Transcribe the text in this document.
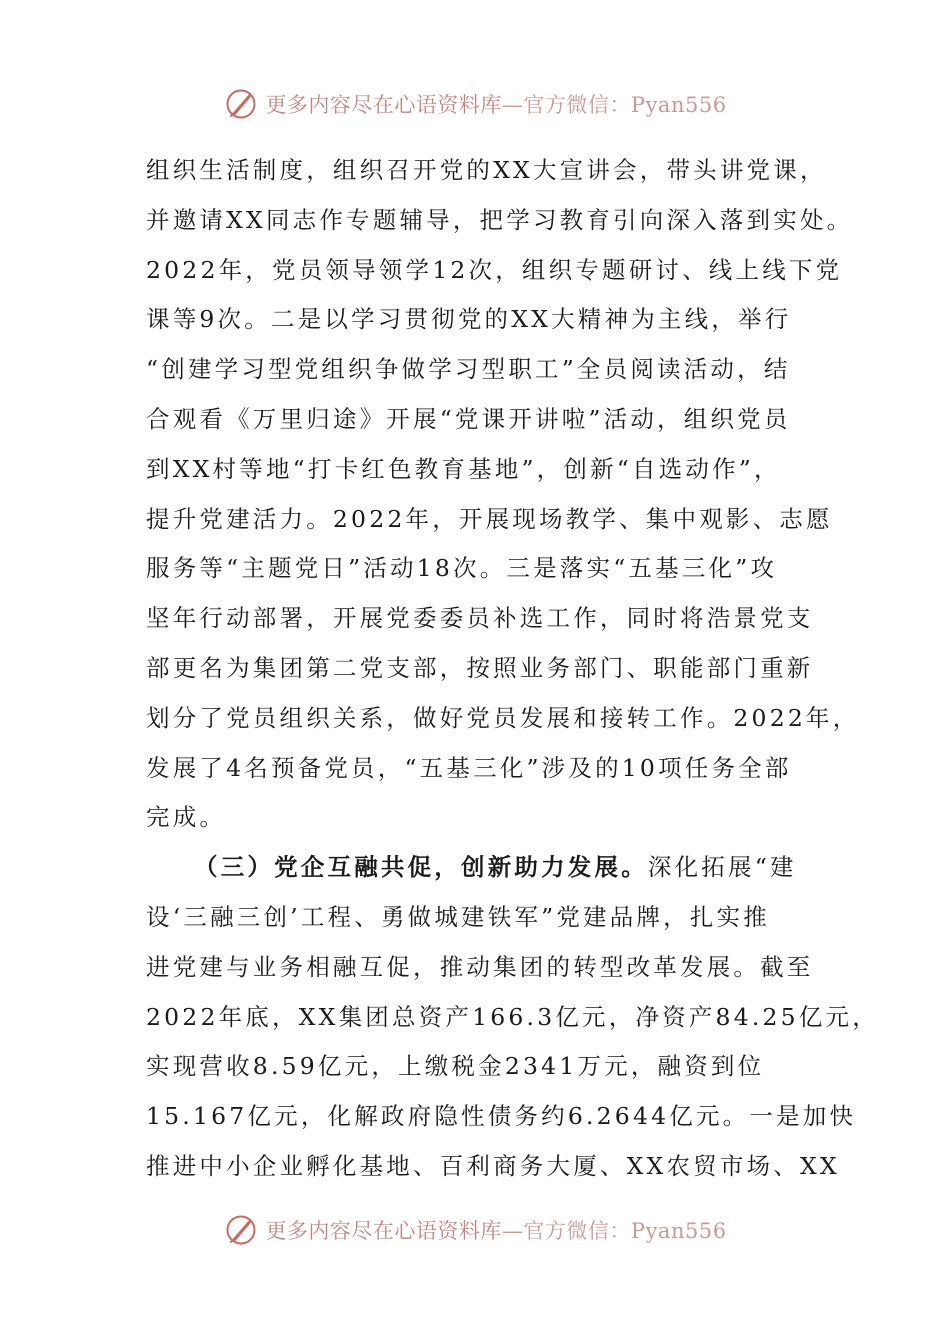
更多内容尽在心语资料库—官方微信：Pyan556
组织生活制度，组织召开党的XX大宣讲会，带头讲党课，
并邀请XX同志作专题辅导，把学习教育引向深入落到实处。
2022年，党员领导领学12次，组织专题研讨、线上线下党
课等9次。二是以学习贯彻党的XX大精神为主线，举行
“创建学习型党组织争做学习型职工”全员阅读活动，结
合观看《万里归途》开展“党课开讲啦”活动，组织党员
到XX村等地“打卡红色教育基地”，创新“自选动作”，
提升党建活力。2022年，开展现场教学、集中观影、志愿
服务等“主题党日”活动18次。三是落实“五基三化”攻
坚年行动部署，开展党委委员补选工作，同时将浩景党支
部更名为集团第二党支部，按照业务部门、职能部门重新
划分了党员组织关系，做好党员发展和接转工作。2022年，
发展了4名预备党员，“五基三化”涉及的10项任务全部
完成。
（三）党企互融共促，创新助力发展。深化拓展“建
设‘三融三创’工程、勇做城建铁军”党建品牌，扎实推
进党建与业务相融互促，推动集团的转型改革发展。截至
2022年底，XX集团总资产166.3亿元，净资产84.25亿元，
实现营收8.59亿元，上缴税金2341万元，融资到位
15.167亿元，化解政府隐性债务约6.2644亿元。一是加快
推进中小企业孵化基地、百利商务大厦、XX农贸市场、XX
更多内容尽在心语资料库—官方微信：Pyan556
